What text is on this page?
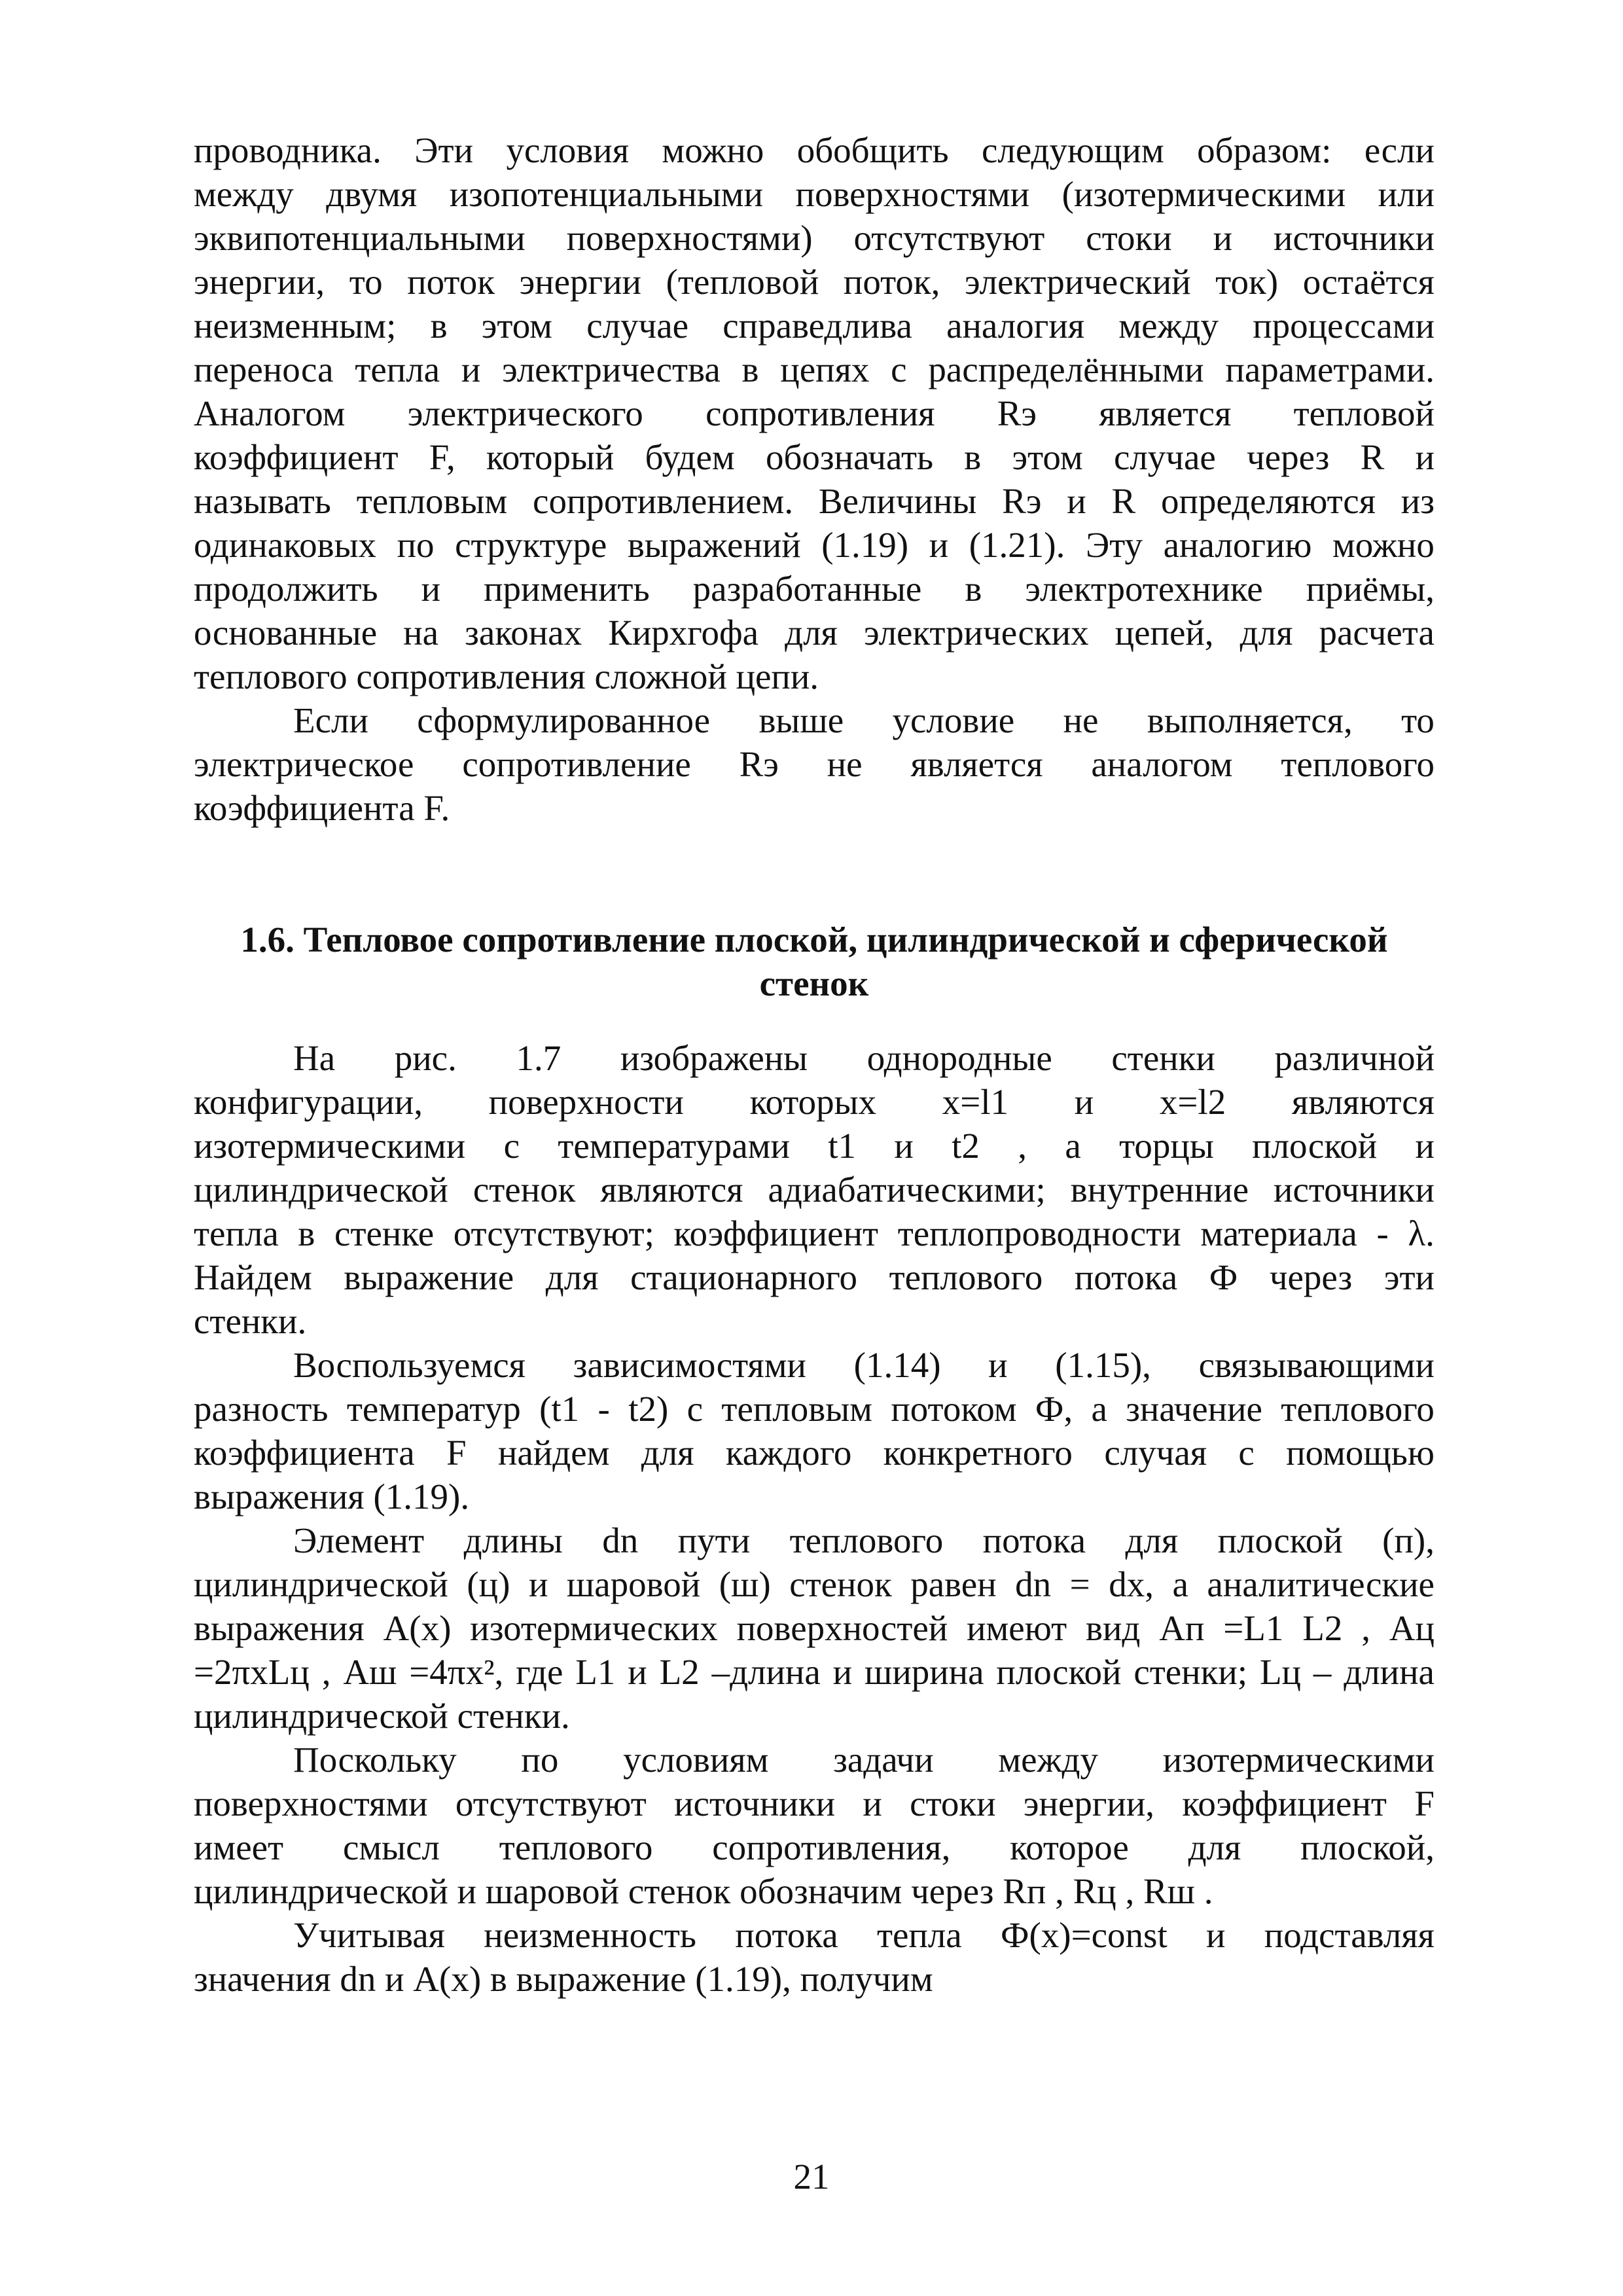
проводника. Эти условия можно обобщить следующим образом: если
между двумя изопотенциальными поверхностями (изотермическими или
эквипотенциальными поверхностями) отсутствуют стоки и источники
энергии, то поток энергии (тепловой поток, электрический ток) остаётся
неизменным; в этом случае справедлива аналогия между процессами
переноса тепла и электричества в цепях с распределёнными параметрами.
Аналогом электрического сопротивления Rэ является тепловой
коэффициент F, который будем обозначать в этом случае через R и
называть тепловым сопротивлением. Величины Rэ и R определяются из
одинаковых по структуре выражений (1.19) и (1.21). Эту аналогию можно
продолжить и применить разработанные в электротехнике приёмы,
основанные на законах Кирхгофа для электрических цепей, для расчета
теплового сопротивления сложной цепи.
Если сформулированное выше условие не выполняется, то
электрическое сопротивление Rэ не является аналогом теплового
коэффициента F.
1.6. Тепловое сопротивление плоской, цилиндрической и сферической
стенок
На рис. 1.7 изображены однородные стенки различной
конфигурации, поверхности которых x=l1 и x=l2 являются
изотермическими с температурами t1 и t2 , а торцы плоской и
цилиндрической стенок являются адиабатическими; внутренние источники
тепла в стенке отсутствуют; коэффициент теплопроводности материала - λ.
Найдем выражение для стационарного теплового потока Ф через эти
стенки.
Воспользуемся зависимостями (1.14) и (1.15), связывающими
разность температур (t1 - t2) с тепловым потоком Ф, а значение теплового
коэффициента F найдем для каждого конкретного случая с помощью
выражения (1.19).
Элемент длины dn пути теплового потока для плоской (п),
цилиндрической (ц) и шаровой (ш) стенок равен dn = dx, а аналитические
выражения A(x) изотермических поверхностей имеют вид Aп =L1 L2 , Aц
=2πxLц , Aш =4πx², где L1 и L2 –длина и ширина плоской стенки; Lц – длина
цилиндрической стенки.
Поскольку по условиям задачи между изотермическими
поверхностями отсутствуют источники и стоки энергии, коэффициент F
имеет смысл теплового сопротивления, которое для плоской,
цилиндрической и шаровой стенок обозначим через Rп , Rц , Rш .
Учитывая неизменность потока тепла Ф(x)=const и подставляя
значения dn и A(x) в выражение (1.19), получим
21
